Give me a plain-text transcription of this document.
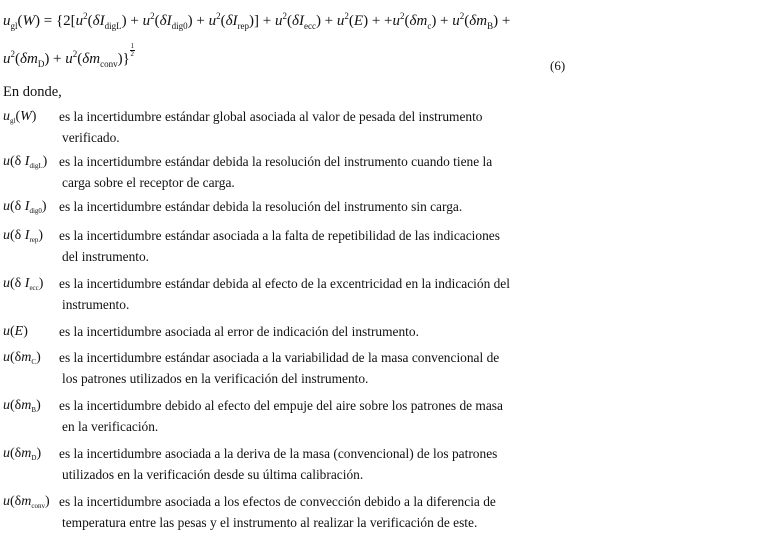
$u_{gl}(W) = \{2[u^2(\delta I_{digL}) + u^2(\delta I_{dig0}) + u^2(\delta I_{rep})] + u^2(\delta I_{ecc}) + u^2(E) + +u^2(\delta m_c) + u^2(\delta m_B)$ +
$u^2(\delta m_D) + u^2(\delta m_{conv})$}
$\frac{1}{2}$
(6)
En donde,
$u_{gl}(W)$	es la incertidumbre estándar global asociada al valor de pesada del instrumento
verificado.
u(δ $I_{digL}$) es la incertidumbre estándar debida la resolución del instrumento cuando tiene la
carga sobre el receptor de carga.
u(δ $I_{dig0}$) es la incertidumbre estándar debida la resolución del instrumento sin carga.
u(δ $I_{rep}$)	es la incertidumbre estándar asociada a la falta de repetibilidad de las indicaciones
del instrumento.
u(δ $I_{ecc}$)	es la incertidumbre estándar debida al efecto de la excentricidad en la indicación del
instrumento.
u(E)	es la incertidumbre asociada al error de indicación del instrumento.
$u(\delta m_C)$	es la incertidumbre estándar asociada a la variabilidad de la masa convencional de
los patrones utilizados en la verificación del instrumento.
$u(\delta m_B)$	es la incertidumbre debido al efecto del empuje del aire sobre los patrones de masa
en la verificación.
$u(\delta m_D)$	es la incertidumbre asociada a la deriva de la masa (convencional) de los patrones
utilizados en la verificación desde su última calibración.
$u(\delta m_{conv})$ es la incertidumbre asociada a los efectos de convección debido a la diferencia de
temperatura entre las pesas y el instrumento al realizar la verificación de este.
